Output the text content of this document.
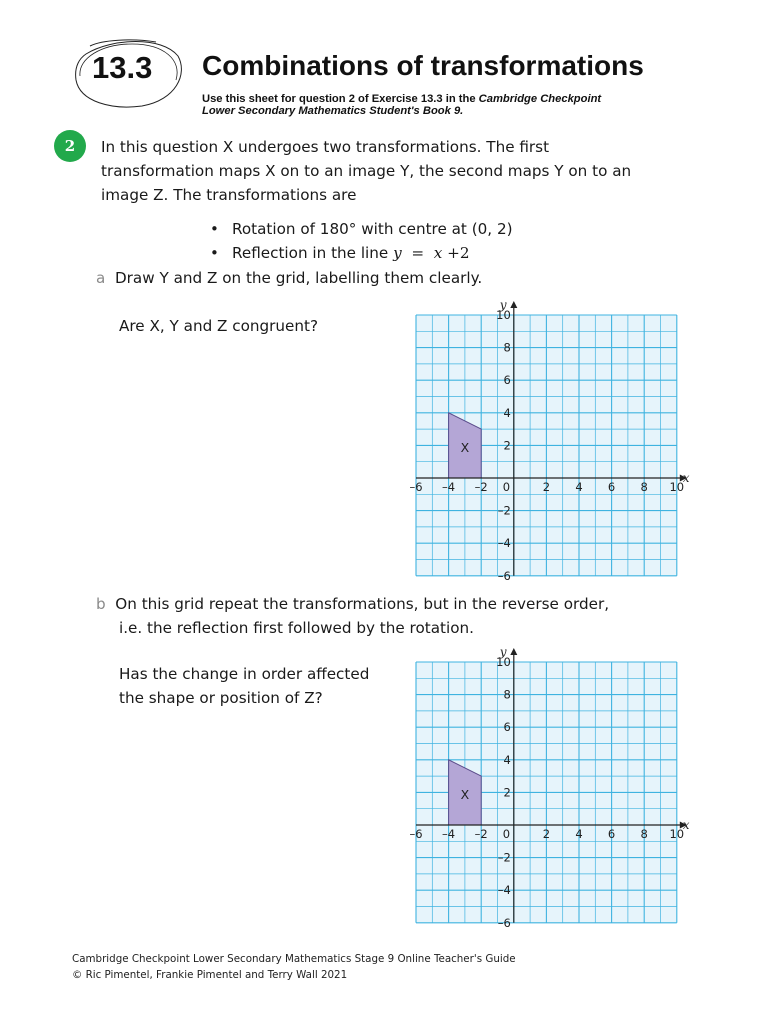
13.3 Combinations of transformations
Use this sheet for question 2 of Exercise 13.3 in the Cambridge Checkpoint
Lower Secondary Mathematics Student's Book 9.
2	In this question X undergoes two transformations. The first
transformation maps X on to an image Y, the second maps Y on to an
image Z. The transformations are
• Rotation of 180° with centre at (0, 2)
• Reflection in the line y = x +2
a Draw Y and Z on the grid, labelling them clearly.
Are X, Y and Z congruent?
x
y
0
–6 –4 –2	2 4 6 8 10
10
8
6
4
2
–2
–4
–6
X
b On this grid repeat the transformations, but in the reverse order,
i.e. the reflection first followed by the rotation.
Has the change in order affected
the shape or position of Z?
x
y
0
–6 –4 –2	2 4 6 8 10
10
8
6
4
2
–2
–4
–6
X
Cambridge Checkpoint Lower Secondary Mathematics Stage 9 Online Teacher's Guide
© Ric Pimentel, Frankie Pimentel and Terry Wall 2021
